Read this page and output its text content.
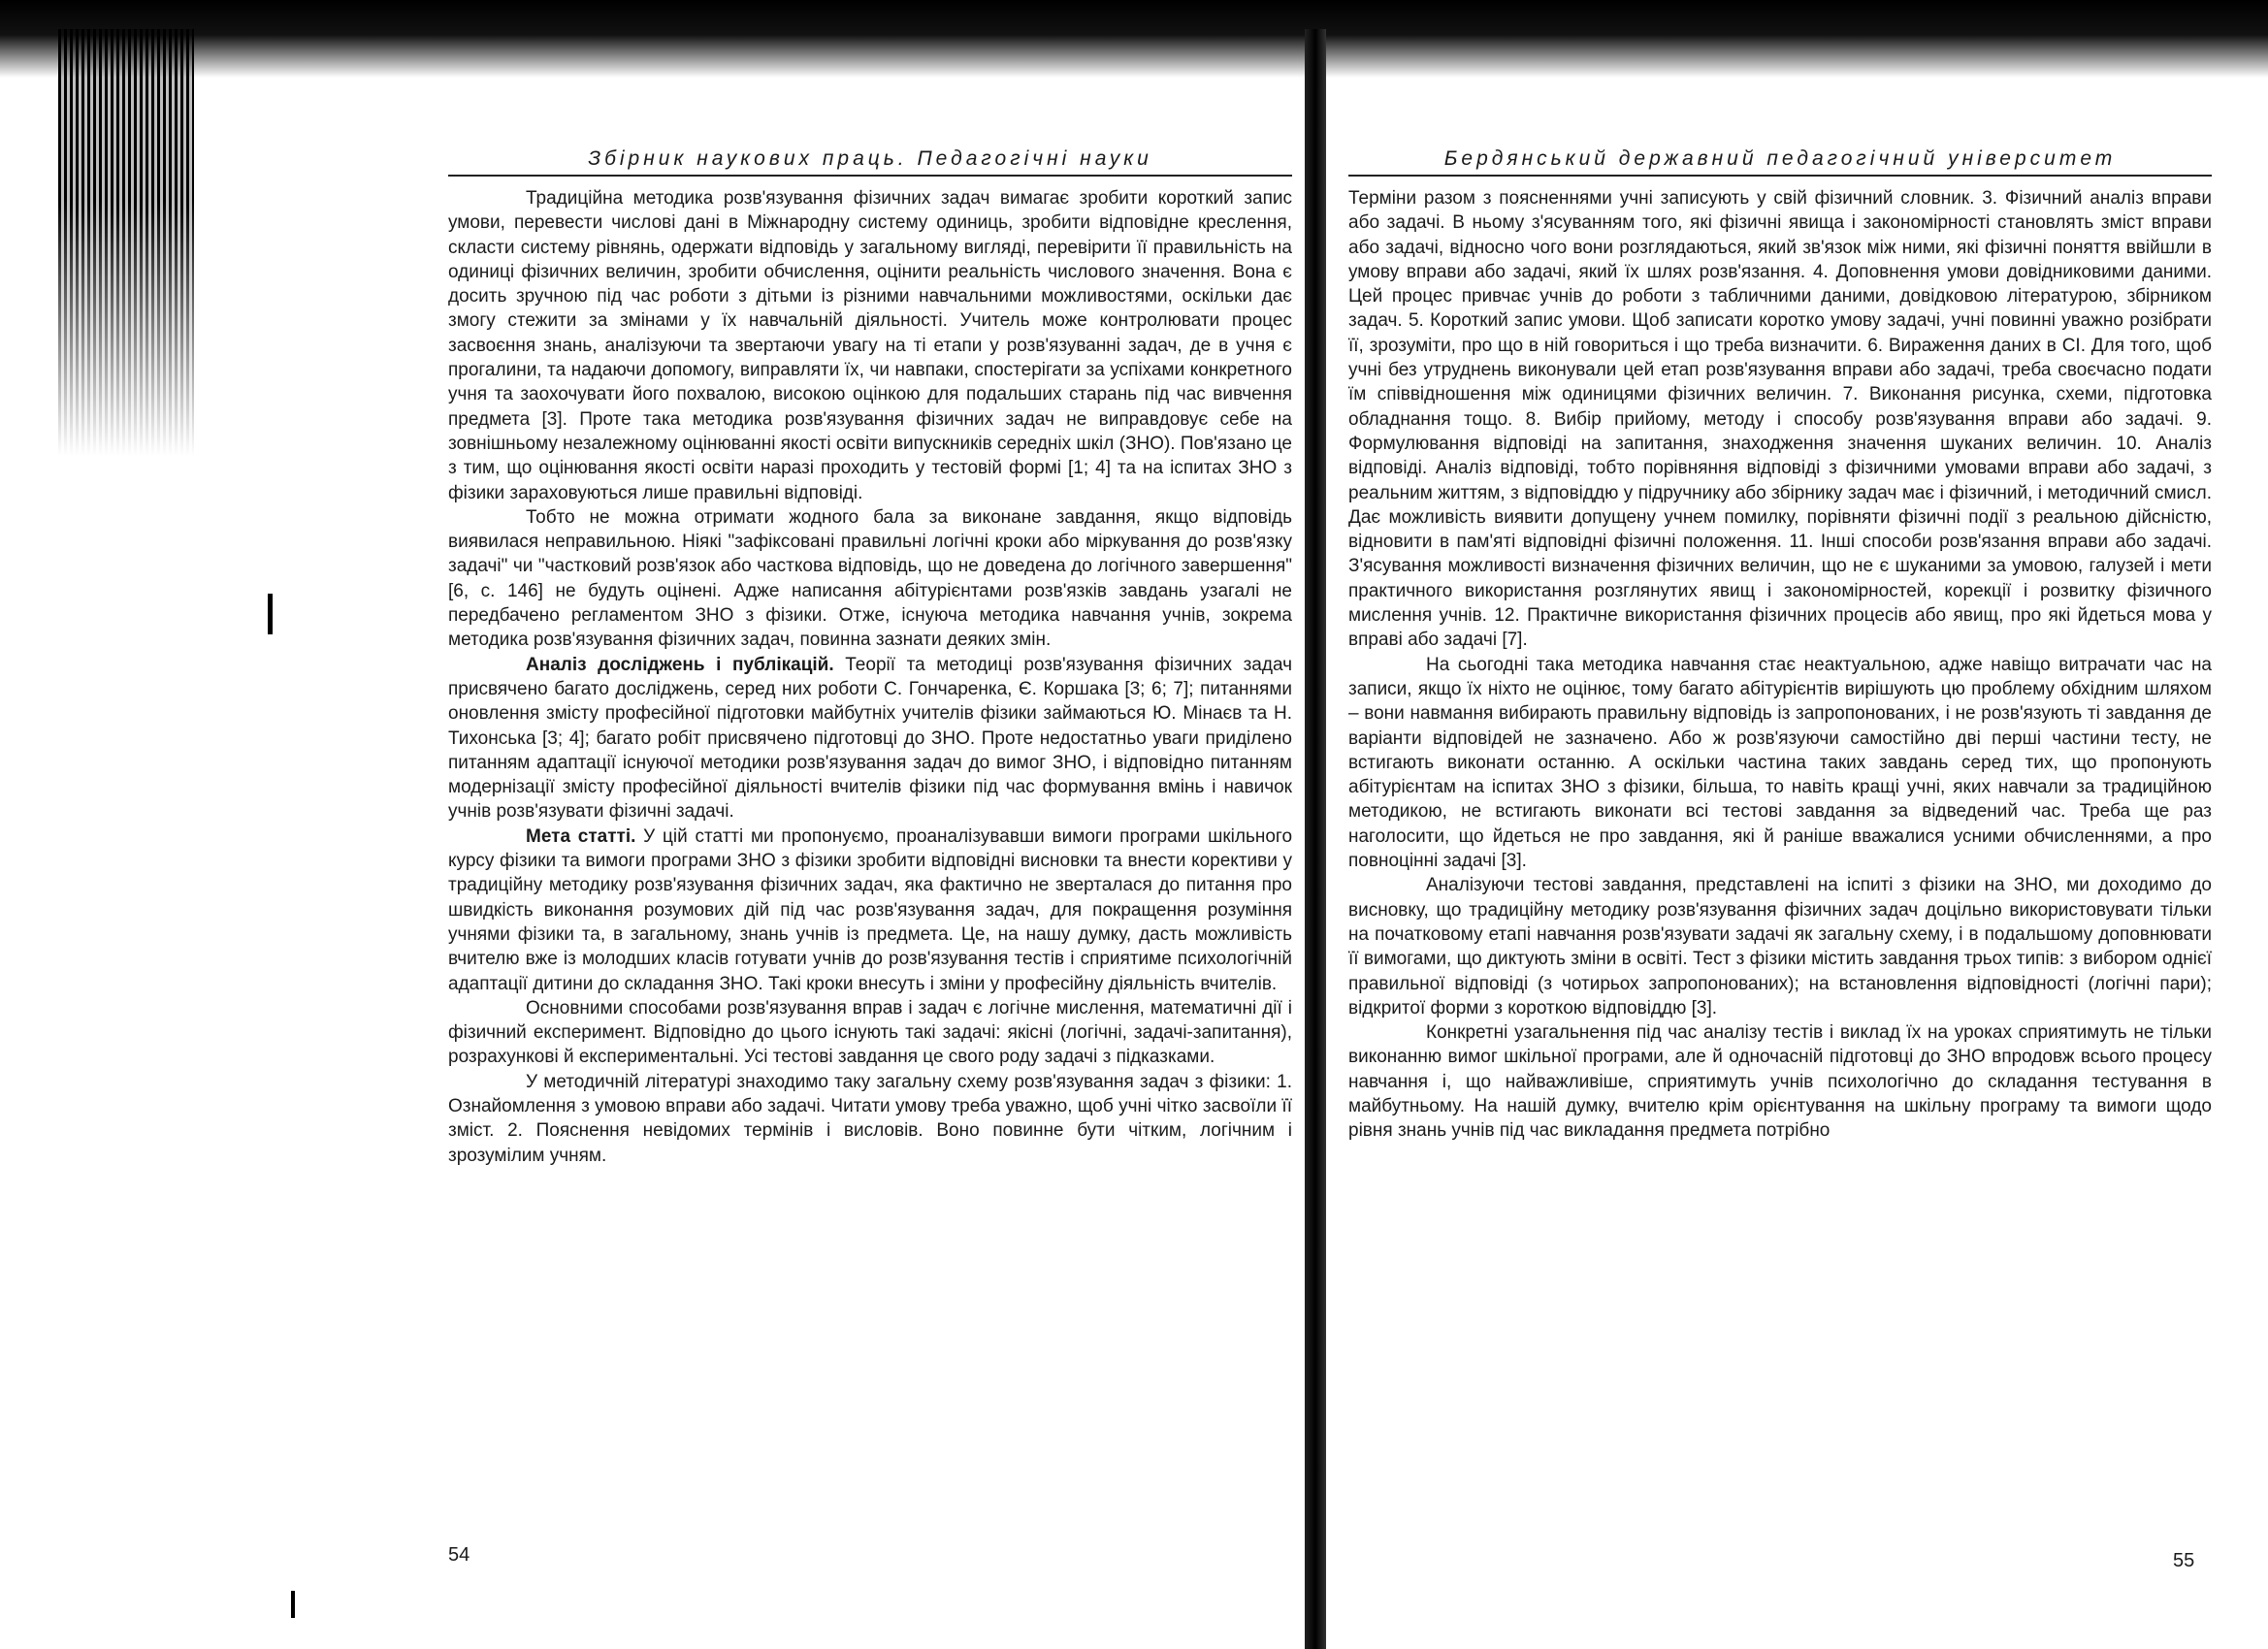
Збірник наукових праць. Педагогічні науки

Традиційна методика розв'язування фізичних задач вимагає зробити короткий запис умови, перевести числові дані в Міжнародну систему одиниць, зробити відповідне креслення, скласти систему рівнянь, одержати відповідь у загальному вигляді, перевірити її правильність на одиниці фізичних величин, зробити обчислення, оцінити реальність числового значення. Вона є досить зручною під час роботи з дітьми із різними навчальними можливостями, оскільки дає змогу стежити за змінами у їх навчальній діяльності. Учитель може контролювати процес засвоєння знань, аналізуючи та звертаючи увагу на ті етапи у розв'язуванні задач, де в учня є прогалини, та надаючи допомогу, виправляти їх, чи навпаки, спостерігати за успіхами конкретного учня та заохочувати його похвалою, високою оцінкою для подальших старань під час вивчення предмета [3]. Проте така методика розв'язування фізичних задач не виправдовує себе на зовнішньому незалежному оцінюванні якості освіти випускників середніх шкіл (ЗНО). Пов'язано це з тим, що оцінювання якості освіти наразі проходить у тестовій формі [1; 4] та на іспитах ЗНО з фізики зараховуються лише правильні відповіді.

Тобто не можна отримати жодного бала за виконане завдання, якщо відповідь виявилася неправильною. Ніякі "зафіксовані правильні логічні кроки або міркування до розв'язку задачі" чи "частковий розв'язок або часткова відповідь, що не доведена до логічного завершення" [6, с. 146] не будуть оцінені. Адже написання абітурієнтами розв'язків завдань узагалі не передбачено регламентом ЗНО з фізики. Отже, існуюча методика навчання учнів, зокрема методика розв'язування фізичних задач, повинна зазнати деяких змін.

Аналіз досліджень і публікацій. Теорії та методиці розв'язування фізичних задач присвячено багато досліджень, серед них роботи С. Гончаренка, Є. Коршака [3; 6; 7]; питаннями оновлення змісту професійної підготовки майбутніх учителів фізики займаються Ю. Мінаєв та Н. Тихонська [3; 4]; багато робіт присвячено підготовці до ЗНО. Проте недостатньо уваги приділено питанням адаптації існуючої методики розв'язування задач до вимог ЗНО, і відповідно питанням модернізації змісту професійної діяльності вчителів фізики під час формування вмінь і навичок учнів розв'язувати фізичні задачі.

Мета статті. У цій статті ми пропонуємо, проаналізувавши вимоги програми шкільного курсу фізики та вимоги програми ЗНО з фізики зробити відповідні висновки та внести корективи у традиційну методику розв'язування фізичних задач, яка фактично не зверталася до питання про швидкість виконання розумових дій під час розв'язування задач, для покращення розуміння учнями фізики та, в загальному, знань учнів із предмета. Це, на нашу думку, дасть можливість вчителю вже із молодших класів готувати учнів до розв'язування тестів і сприятиме психологічній адаптації дитини до складання ЗНО. Такі кроки внесуть і зміни у професійну діяльність вчителів.

Основними способами розв'язування вправ і задач є логічне мислення, математичні дії і фізичний експеримент. Відповідно до цього існують такі задачі: якісні (логічні, задачі-запитання), розрахункові й експериментальні. Усі тестові завдання це свого роду задачі з підказками.

У методичній літературі знаходимо таку загальну схему розв'язування задач з фізики: 1. Ознайомлення з умовою вправи або задачі. Читати умову треба уважно, щоб учні чітко засвоїли її зміст. 2. Пояснення невідомих термінів і висловів. Воно повинне бути чітким, логічним і зрозумілим учням.

54
Бердянський державний педагогічний університет

Терміни разом з поясненнями учні записують у свій фізичний словник. 3. Фізичний аналіз вправи або задачі. В ньому з'ясуванням того, які фізичні явища і закономірності становлять зміст вправи або задачі, відносно чого вони розглядаються, який зв'язок між ними, які фізичні поняття ввійшли в умову вправи або задачі, який їх шлях розв'язання. 4. Доповнення умови довідниковими даними. Цей процес привчає учнів до роботи з табличними даними, довідковою літературою, збірником задач. 5. Короткий запис умови. Щоб записати коротко умову задачі, учні повинні уважно розібрати її, зрозуміти, про що в ній говориться і що треба визначити. 6. Вираження даних в СІ. Для того, щоб учні без утруднень виконували цей етап розв'язування вправи або задачі, треба своєчасно подати їм співвідношення між одиницями фізичних величин. 7. Виконання рисунка, схеми, підготовка обладнання тощо. 8. Вибір прийому, методу і способу розв'язування вправи або задачі. 9. Формулювання відповіді на запитання, знаходження значення шуканих величин. 10. Аналіз відповіді. Аналіз відповіді, тобто порівняння відповіді з фізичними умовами вправи або задачі, з реальним життям, з відповіддю у підручнику або збірнику задач має і фізичний, і методичний смисл. Дає можливість виявити допущену учнем помилку, порівняти фізичні події з реальною дійсністю, відновити в пам'яті відповідні фізичні положення. 11. Інші способи розв'язання вправи або задачі. З'ясування можливості визначення фізичних величин, що не є шуканими за умовою, галузей і мети практичного використання розглянутих явищ і закономірностей, корекції і розвитку фізичного мислення учнів. 12. Практичне використання фізичних процесів або явищ, про які йдеться мова у вправі або задачі [7].

На сьогодні така методика навчання стає неактуальною, адже навіщо витрачати час на записи, якщо їх ніхто не оцінює, тому багато абітурієнтів вирішують цю проблему обхідним шляхом – вони навмання вибирають правильну відповідь із запропонованих, і не розв'язують ті завдання де варіанти відповідей не зазначено. Або ж розв'язуючи самостійно дві перші частини тесту, не встигають виконати останню. А оскільки частина таких завдань серед тих, що пропонують абітурієнтам на іспитах ЗНО з фізики, більша, то навіть кращі учні, яких навчали за традиційною методикою, не встигають виконати всі тестові завдання за відведений час. Треба ще раз наголосити, що йдеться не про завдання, які й раніше вважалися усними обчисленнями, а про повноцінні задачі [3].

Аналізуючи тестові завдання, представлені на іспиті з фізики на ЗНО, ми доходимо до висновку, що традиційну методику розв'язування фізичних задач доцільно використовувати тільки на початковому етапі навчання розв'язувати задачі як загальну схему, і в подальшому доповнювати її вимогами, що диктують зміни в освіті. Тест з фізики містить завдання трьох типів: з вибором однієї правильної відповіді (з чотирьох запропонованих); на встановлення відповідності (логічні пари); відкритої форми з короткою відповіддю [3].

Конкретні узагальнення під час аналізу тестів і виклад їх на уроках сприятимуть не тільки виконанню вимог шкільної програми, але й одночасній підготовці до ЗНО впродовж всього процесу навчання і, що найважливіше, сприятимуть учнів психологічно до складання тестування в майбутньому. На нашій думку, вчителю крім орієнтування на шкільну програму та вимоги щодо рівня знань учнів під час викладання предмета потрібно

55
